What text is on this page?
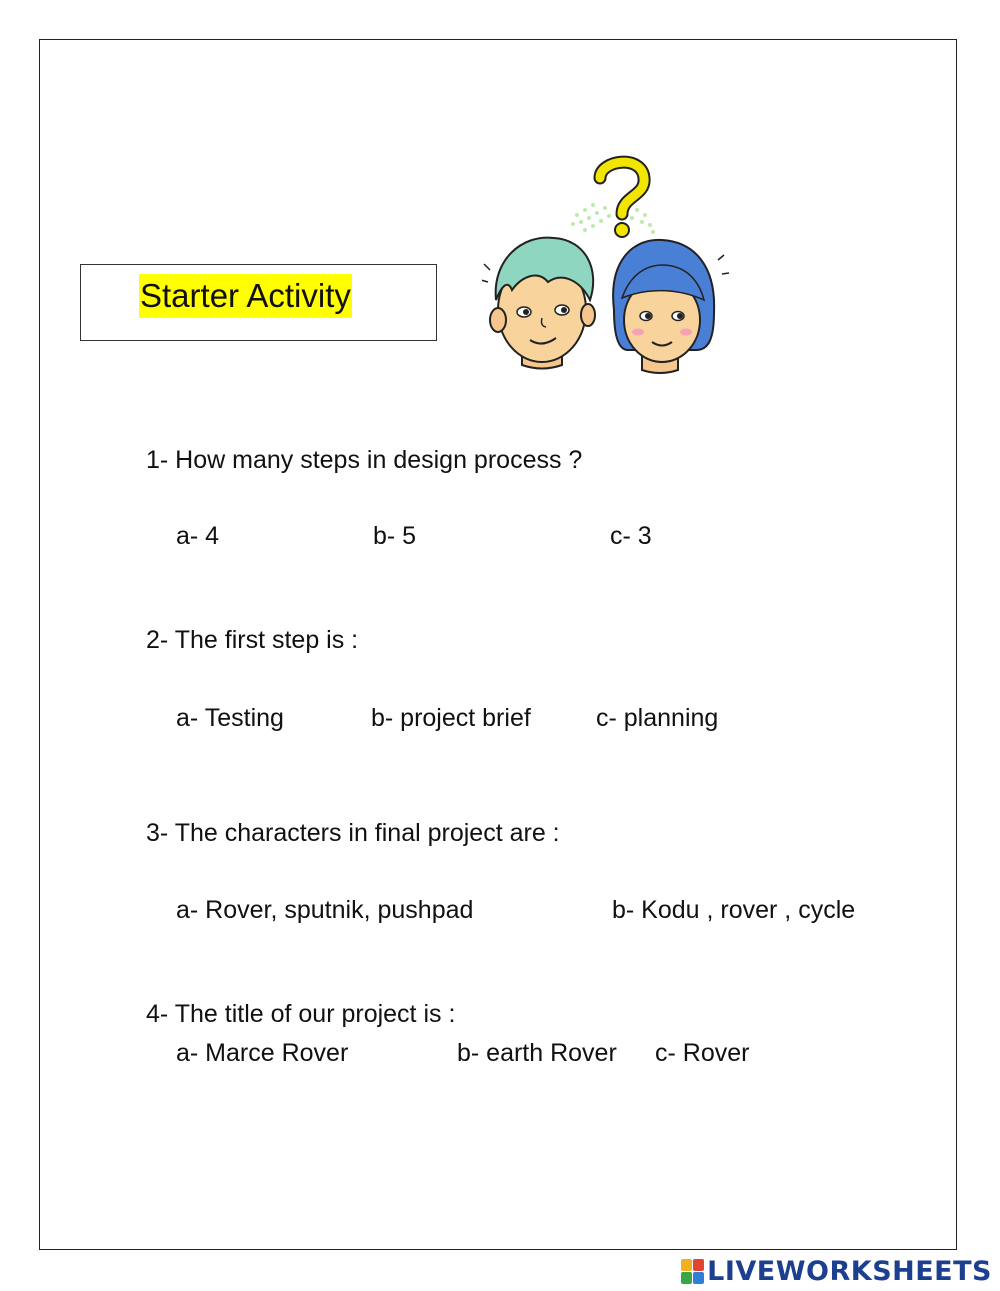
Starter Activity
1- How many steps in design process ?
a- 4	b- 5	c- 3
2- The first step is :
a- Testing	b- project brief	c- planning
3- The characters in final project are :
a- Rover, sputnik, pushpad	b- Kodu , rover , cycle
4- The title of our project is :
a- Marce Rover	b- earth Rover c- Rover
LIVEWORKSHEETS
